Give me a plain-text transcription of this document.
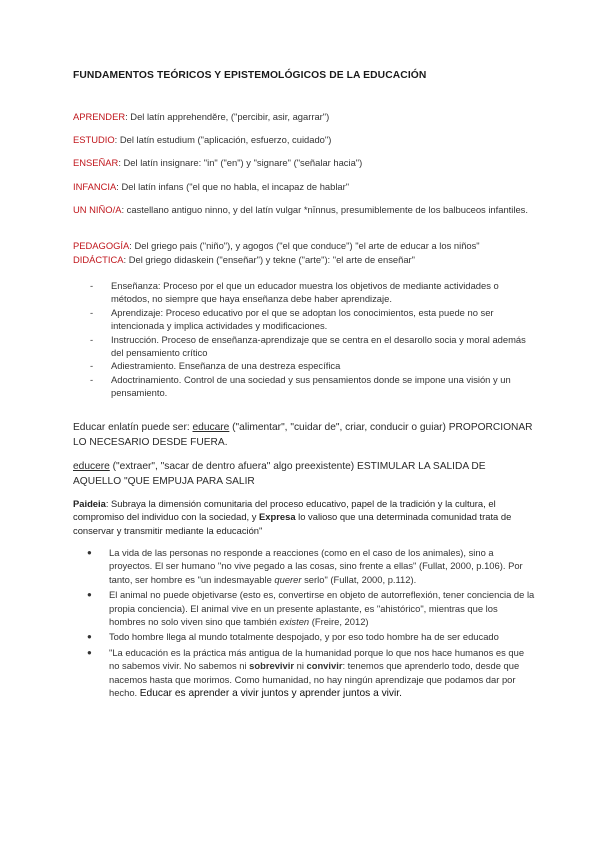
FUNDAMENTOS TEÓRICOS Y EPISTEMOLÓGICOS DE LA EDUCACIÓN

APRENDER: Del latín apprehendĕre, ("percibir, asir, agarrar")

ESTUDIO: Del latín estudium ("aplicación, esfuerzo, cuidado")

ENSEÑAR: Del latín insignare: "in" ("en") y "signare" ("señalar hacia")

INFANCIA: Del latín infans ("el que no habla, el incapaz de hablar"

UN NIÑO/A: castellano antiguo ninno, y del latín vulgar *nīnnus, presumiblemente de los balbuceos infantiles.

PEDAGOGÍA: Del griego pais ("niño"), y agogos ("el que conduce") "el arte de educar a los niños"

DIDÁCTICA: Del griego didaskein ("enseñar") y tekne ("arte"): "el arte de enseñar"

- Enseñanza: Proceso por el que un educador muestra los objetivos de mediante actividades o métodos, no siempre que haya enseñanza debe haber aprendizaje.
- Aprendizaje: Proceso educativo por el que se adoptan los conocimientos, esta puede no ser intencionada y implica actividades y modificaciones.
- Instrucción. Proceso de enseñanza-aprendizaje que se centra en el desarollo socia y moral además del pensamiento crítico
- Adiestramiento. Enseñanza de una destreza específica
- Adoctrinamiento. Control de una sociedad y sus pensamientos donde se impone una visión y un pensamiento.

Educar enlatín puede ser: educare ("alimentar", "cuidar de", criar, conducir o guiar) PROPORCIONAR LO NECESARIO DESDE FUERA.

educere ("extraer", "sacar de dentro afuera" algo preexistente) ESTIMULAR LA SALIDA DE AQUELLO "QUE EMPUJA PARA SALIR

Paideia: Subraya la dimensión comunitaria del proceso educativo, papel de la tradición y la cultura, el compromiso del individuo con la sociedad, y Expresa lo valioso que una determinada comunidad trata de conservar y transmitir mediante la educación"

● La vida de las personas no responde a reacciones (como en el caso de los animales), sino a proyectos. El ser humano "no vive pegado a las cosas, sino frente a ellas" (Fullat, 2000, p.106). Por tanto, ser hombre es "un indesmayable querer serlo" (Fullat, 2000, p.112).
● El animal no puede objetivarse (esto es, convertirse en objeto de autorreflexión, tener conciencia de la propia conciencia). El animal vive en un presente aplastante, es "ahistórico", mientras que los hombres no solo viven sino que también existen (Freire, 2012)
● Todo hombre llega al mundo totalmente despojado, y por eso todo hombre ha de ser educado
● "La educación es la práctica más antigua de la humanidad porque lo que nos hace humanos es que no sabemos vivir. No sabemos ni sobrevivir ni convivir: tenemos que aprenderlo todo, desde que nacemos hasta que morimos. Como humanidad, no hay ningún aprendizaje que podamos dar por hecho. Educar es aprender a vivir juntos y aprender juntos a vivir.
